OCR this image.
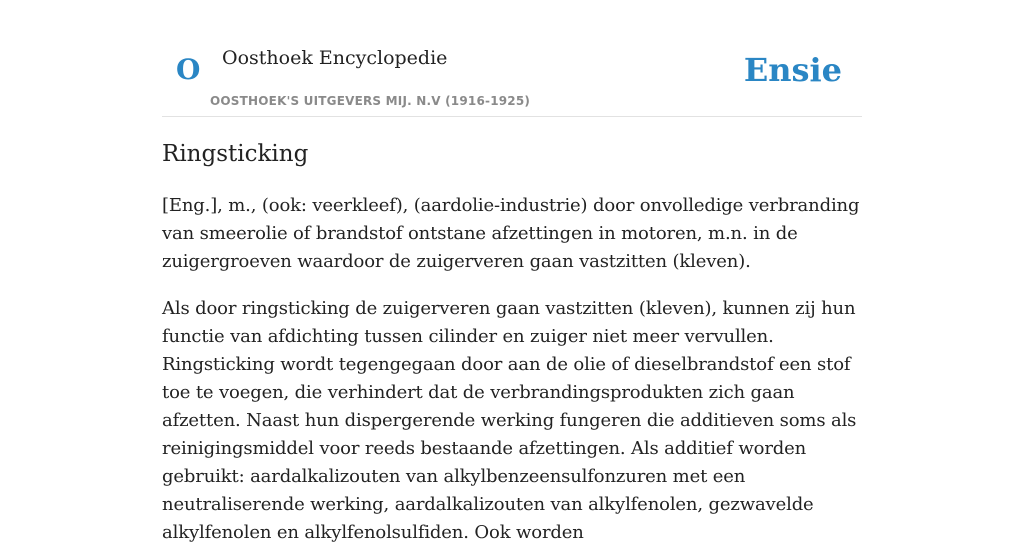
O Oosthoek Encyclopedie
OOSTHOEK'S UITGEVERS MIJ. N.V (1916-1925)
Ensie
Ringsticking

[Eng.], m., (ook: veerkleef), (aardolie-industrie) door onvolledige verbranding van smeerolie of brandstof ontstane afzettingen in motoren, m.n. in de zuigergroeven waardoor de zuigerveren gaan vastzitten (kleven).

Als door ringsticking de zuigerveren gaan vastzitten (kleven), kunnen zij hun functie van afdichting tussen cilinder en zuiger niet meer vervullen. Ringsticking wordt tegengegaan door aan de olie of dieselbrandstof een stof toe te voegen, die verhindert dat de verbrandingsprodukten zich gaan afzetten. Naast hun dispergerende werking fungeren die additieven soms als reinigingsmiddel voor reeds bestaande afzettingen. Als additief worden gebruikt: aardalkalizouten van alkylbenzeensulfonzuren met een neutraliserende werking, aardalkalizouten van alkylfenolen, gezwavelde alkylfenolen en alkylfenolsulfiden. Ook worden
